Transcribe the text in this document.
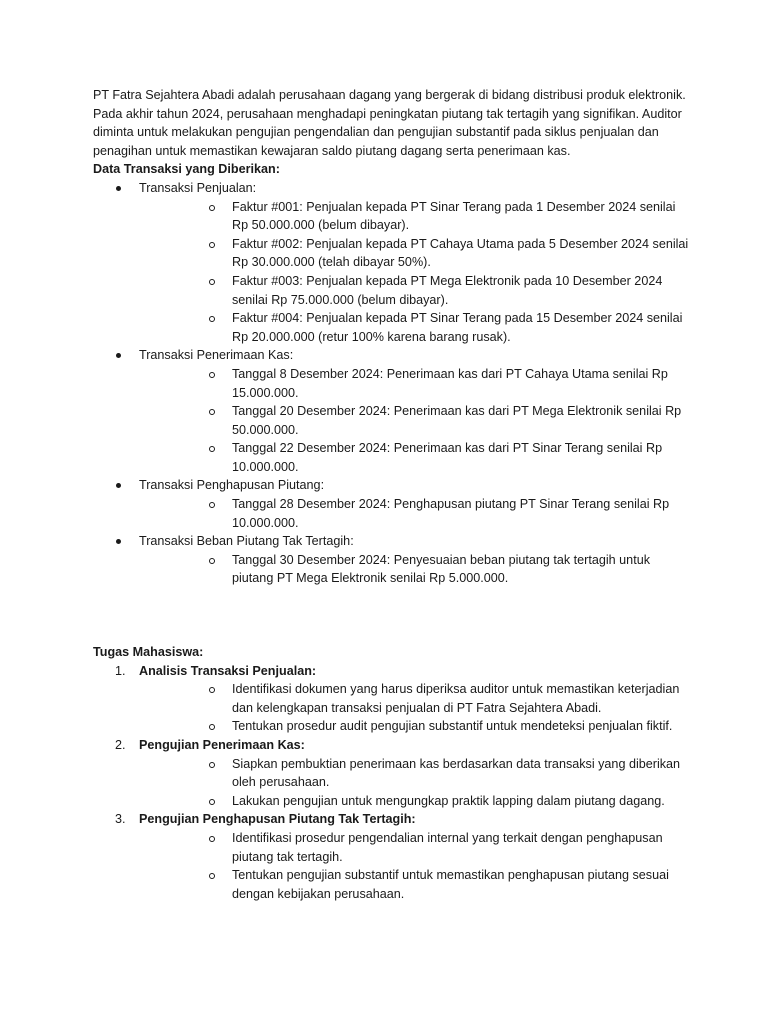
PT Fatra Sejahtera Abadi adalah perusahaan dagang yang bergerak di bidang distribusi produk elektronik. Pada akhir tahun 2024, perusahaan menghadapi peningkatan piutang tak tertagih yang signifikan. Auditor diminta untuk melakukan pengujian pengendalian dan pengujian substantif pada siklus penjualan dan penagihan untuk memastikan kewajaran saldo piutang dagang serta penerimaan kas.

Data Transaksi yang Diberikan:

Transaksi Penjualan:
Faktur #001: Penjualan kepada PT Sinar Terang pada 1 Desember 2024 senilai Rp 50.000.000 (belum dibayar).
Faktur #002: Penjualan kepada PT Cahaya Utama pada 5 Desember 2024 senilai Rp 30.000.000 (telah dibayar 50%).
Faktur #003: Penjualan kepada PT Mega Elektronik pada 10 Desember 2024 senilai Rp 75.000.000 (belum dibayar).
Faktur #004: Penjualan kepada PT Sinar Terang pada 15 Desember 2024 senilai Rp 20.000.000 (retur 100% karena barang rusak).
Transaksi Penerimaan Kas:
Tanggal 8 Desember 2024: Penerimaan kas dari PT Cahaya Utama senilai Rp 15.000.000.
Tanggal 20 Desember 2024: Penerimaan kas dari PT Mega Elektronik senilai Rp 50.000.000.
Tanggal 22 Desember 2024: Penerimaan kas dari PT Sinar Terang senilai Rp 10.000.000.
Transaksi Penghapusan Piutang:
Tanggal 28 Desember 2024: Penghapusan piutang PT Sinar Terang senilai Rp 10.000.000.
Transaksi Beban Piutang Tak Tertagih:
Tanggal 30 Desember 2024: Penyesuaian beban piutang tak tertagih untuk piutang PT Mega Elektronik senilai Rp 5.000.000.

Tugas Mahasiswa:

1. Analisis Transaksi Penjualan:
Identifikasi dokumen yang harus diperiksa auditor untuk memastikan keterjadian dan kelengkapan transaksi penjualan di PT Fatra Sejahtera Abadi.
Tentukan prosedur audit pengujian substantif untuk mendeteksi penjualan fiktif.
2. Pengujian Penerimaan Kas:
Siapkan pembuktian penerimaan kas berdasarkan data transaksi yang diberikan oleh perusahaan.
Lakukan pengujian untuk mengungkap praktik lapping dalam piutang dagang.
3. Pengujian Penghapusan Piutang Tak Tertagih:
Identifikasi prosedur pengendalian internal yang terkait dengan penghapusan piutang tak tertagih.
Tentukan pengujian substantif untuk memastikan penghapusan piutang sesuai dengan kebijakan perusahaan.
